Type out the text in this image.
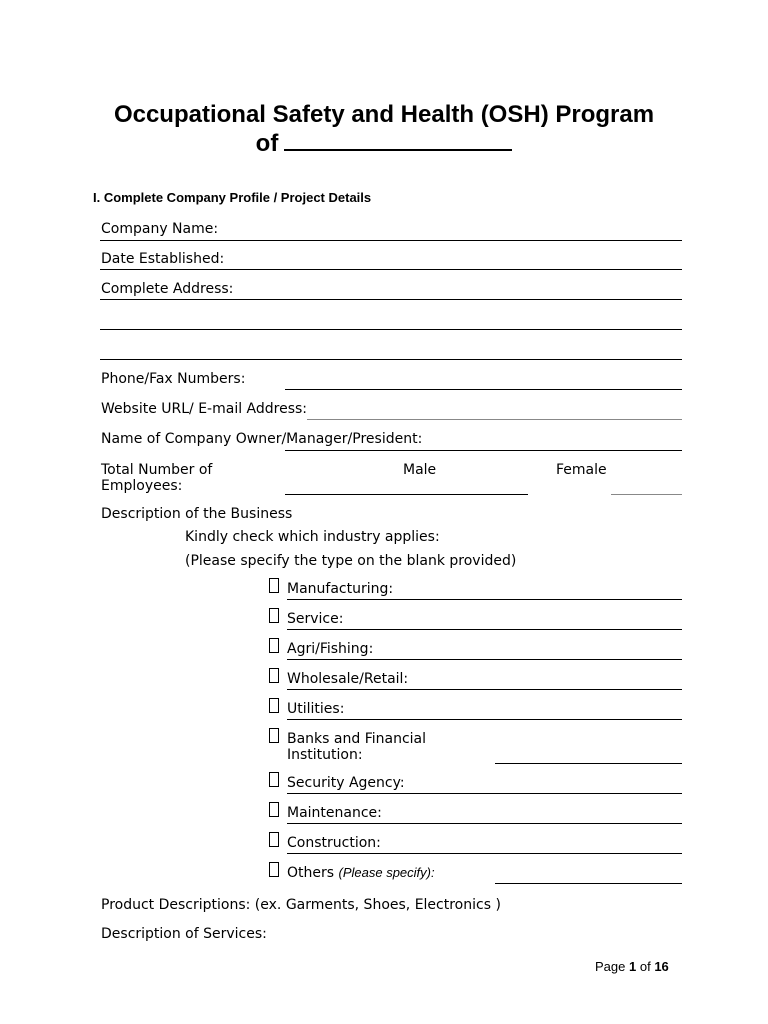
Occupational Safety and Health (OSH) Program
of
I. Complete Company Profile / Project Details
Company Name:
Date Established:
Complete Address:
Phone/Fax Numbers:
Website URL/ E-mail Address:
Name of Company Owner/Manager/President:
Total Number of Employees:
Male	Female
Description of the Business
Kindly check which industry applies:
(Please specify the type on the blank provided)
Manufacturing:
Service:
Agri/Fishing:
Wholesale/Retail:
Utilities:
Banks and Financial Institution:
Security Agency:
Maintenance:
Construction:
Others (Please specify):
Product Descriptions: (ex. Garments, Shoes, Electronics )
Description of Services:
Page 1 of 16
